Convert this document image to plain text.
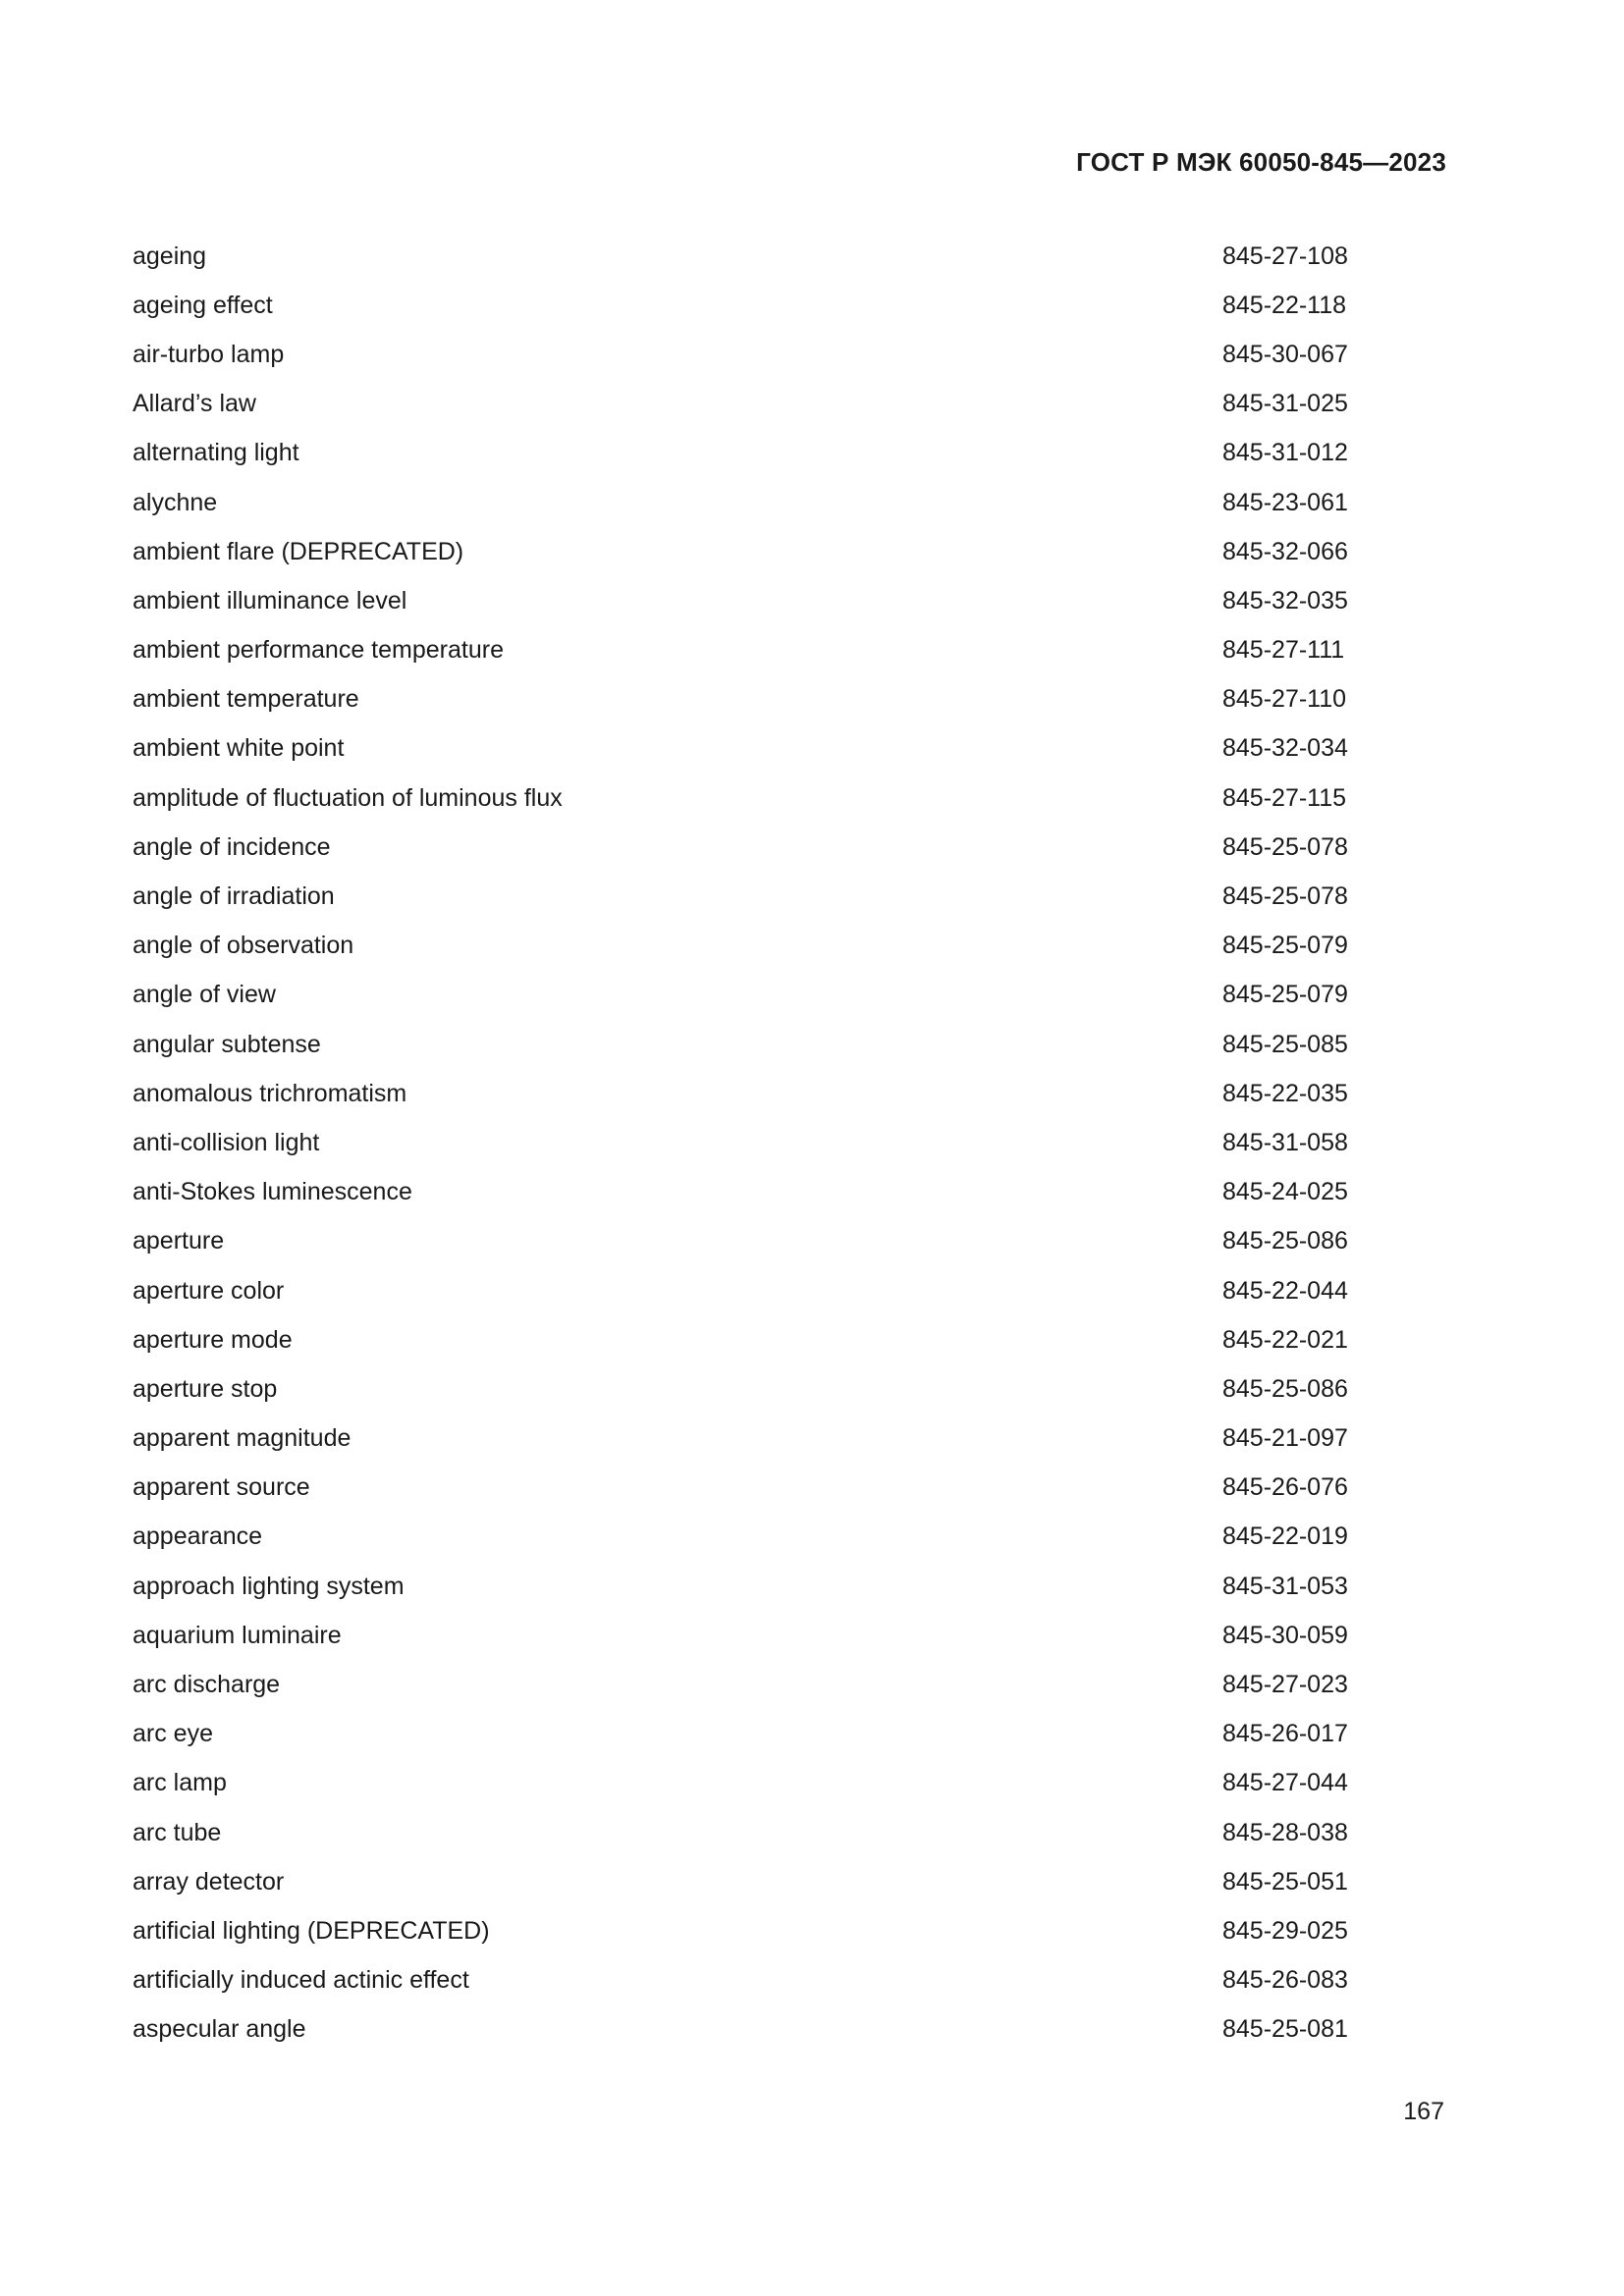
ГОСТ Р МЭК 60050-845—2023
ageing	845-27-108
ageing effect	845-22-118
air-turbo lamp	845-30-067
Allard’s law	845-31-025
alternating light	845-31-012
alychne	845-23-061
ambient flare (DEPRECATED)	845-32-066
ambient illuminance level	845-32-035
ambient performance temperature	845-27-111
ambient temperature	845-27-110
ambient white point	845-32-034
amplitude of fluctuation of luminous flux	845-27-115
angle of incidence	845-25-078
angle of irradiation	845-25-078
angle of observation	845-25-079
angle of view	845-25-079
angular subtense	845-25-085
anomalous trichromatism	845-22-035
anti-collision light	845-31-058
anti-Stokes luminescence	845-24-025
aperture	845-25-086
aperture color	845-22-044
aperture mode	845-22-021
aperture stop	845-25-086
apparent magnitude	845-21-097
apparent source	845-26-076
appearance	845-22-019
approach lighting system	845-31-053
aquarium luminaire	845-30-059
arc discharge	845-27-023
arc eye	845-26-017
arc lamp	845-27-044
arc tube	845-28-038
array detector	845-25-051
artificial lighting (DEPRECATED)	845-29-025
artificially induced actinic effect	845-26-083
aspecular angle	845-25-081
167
